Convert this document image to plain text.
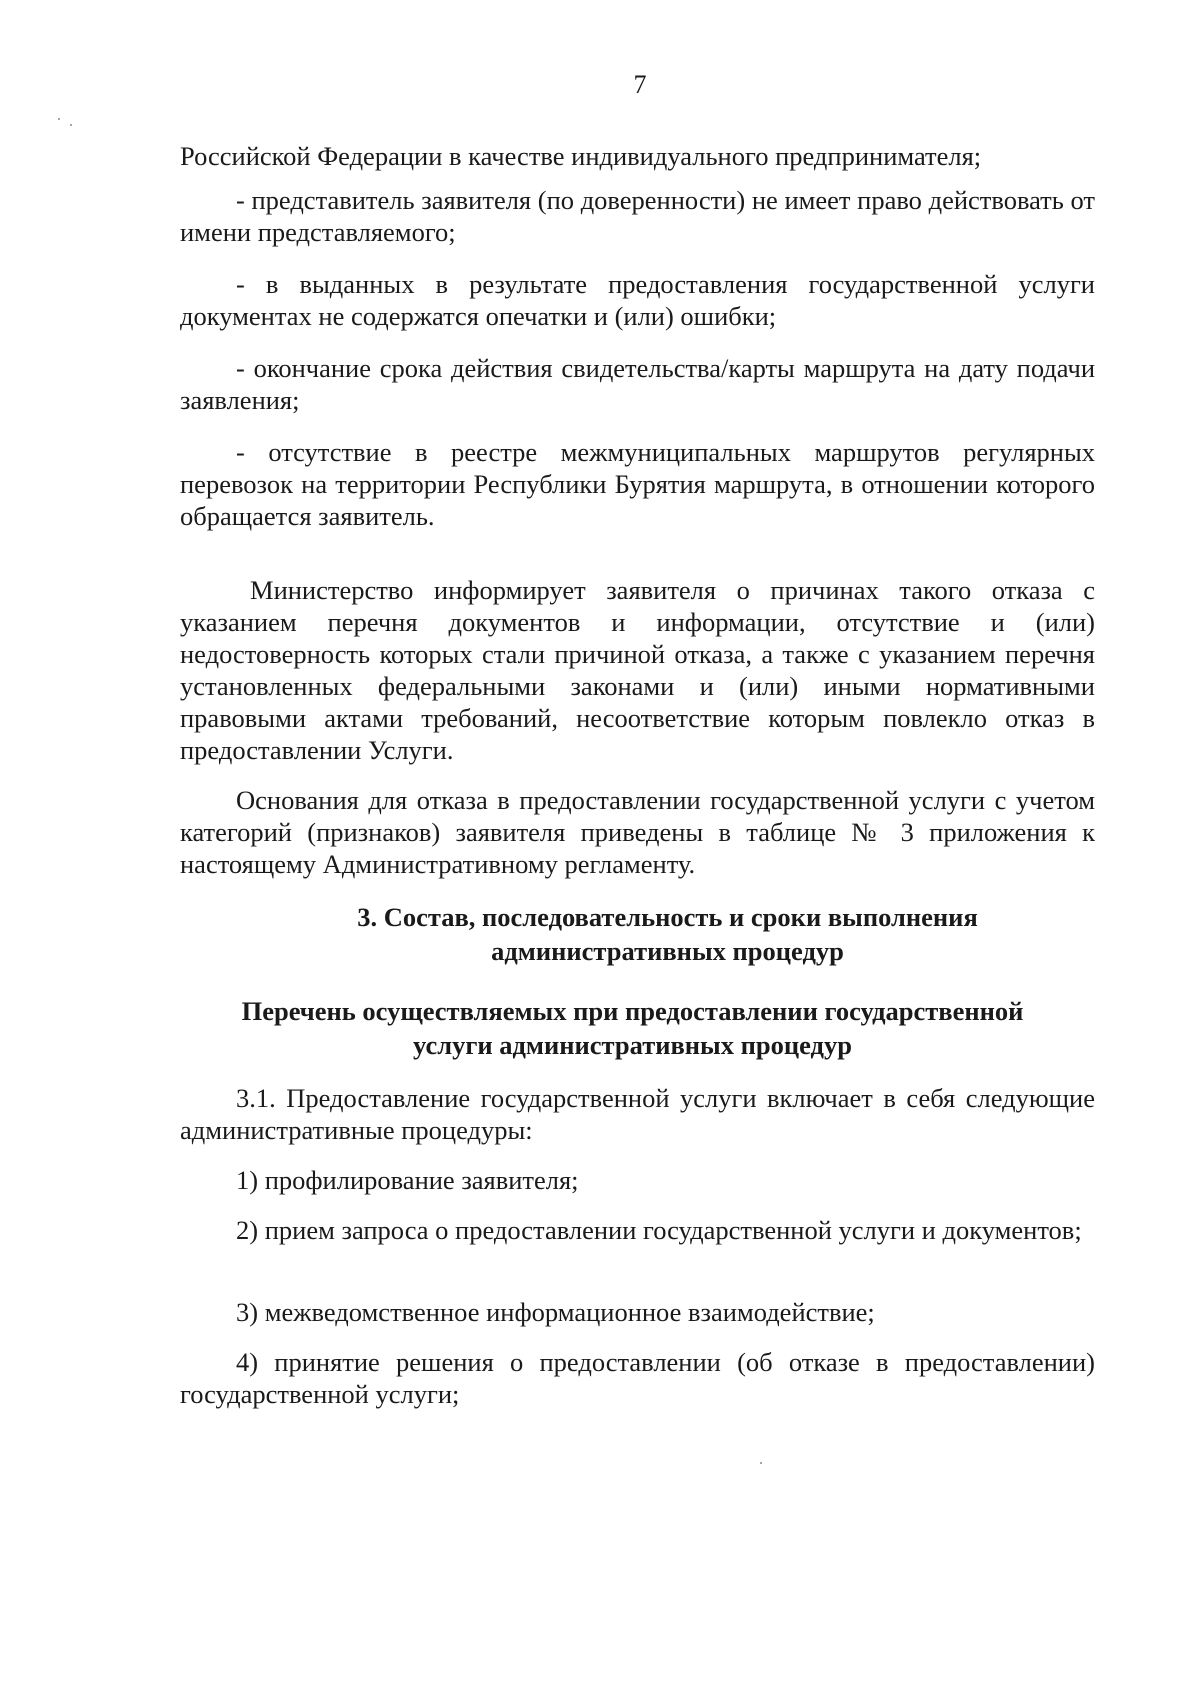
7
Российской Федерации в качестве индивидуального предпринимателя;
- представитель заявителя (по доверенности) не имеет право действовать от имени представляемого;
- в выданных в результате предоставления государственной услуги документах не содержатся опечатки и (или) ошибки;
- окончание срока действия свидетельства/карты маршрута на дату подачи заявления;
- отсутствие в реестре межмуниципальных маршрутов регулярных перевозок на территории Республики Бурятия маршрута, в отношении которого обращается заявитель.
Министерство информирует заявителя о причинах такого отказа с указанием перечня документов и информации, отсутствие и (или) недостоверность которых стали причиной отказа, а также с указанием перечня установленных федеральными законами и (или) иными нормативными правовыми актами требований, несоответствие которым повлекло отказ в предоставлении Услуги.
Основания для отказа в предоставлении государственной услуги с учетом категорий (признаков) заявителя приведены в таблице № 3 приложения к настоящему Административному регламенту.
3. Состав, последовательность и сроки выполнения
административных процедур
Перечень осуществляемых при предоставлении государственной
услуги административных процедур
3.1. Предоставление государственной услуги включает в себя следующие административные процедуры:
1) профилирование заявителя;
2) прием запроса о предоставлении государственной услуги и документов;
3) межведомственное информационное взаимодействие;
4) принятие решения о предоставлении (об отказе в предоставлении) государственной услуги;
